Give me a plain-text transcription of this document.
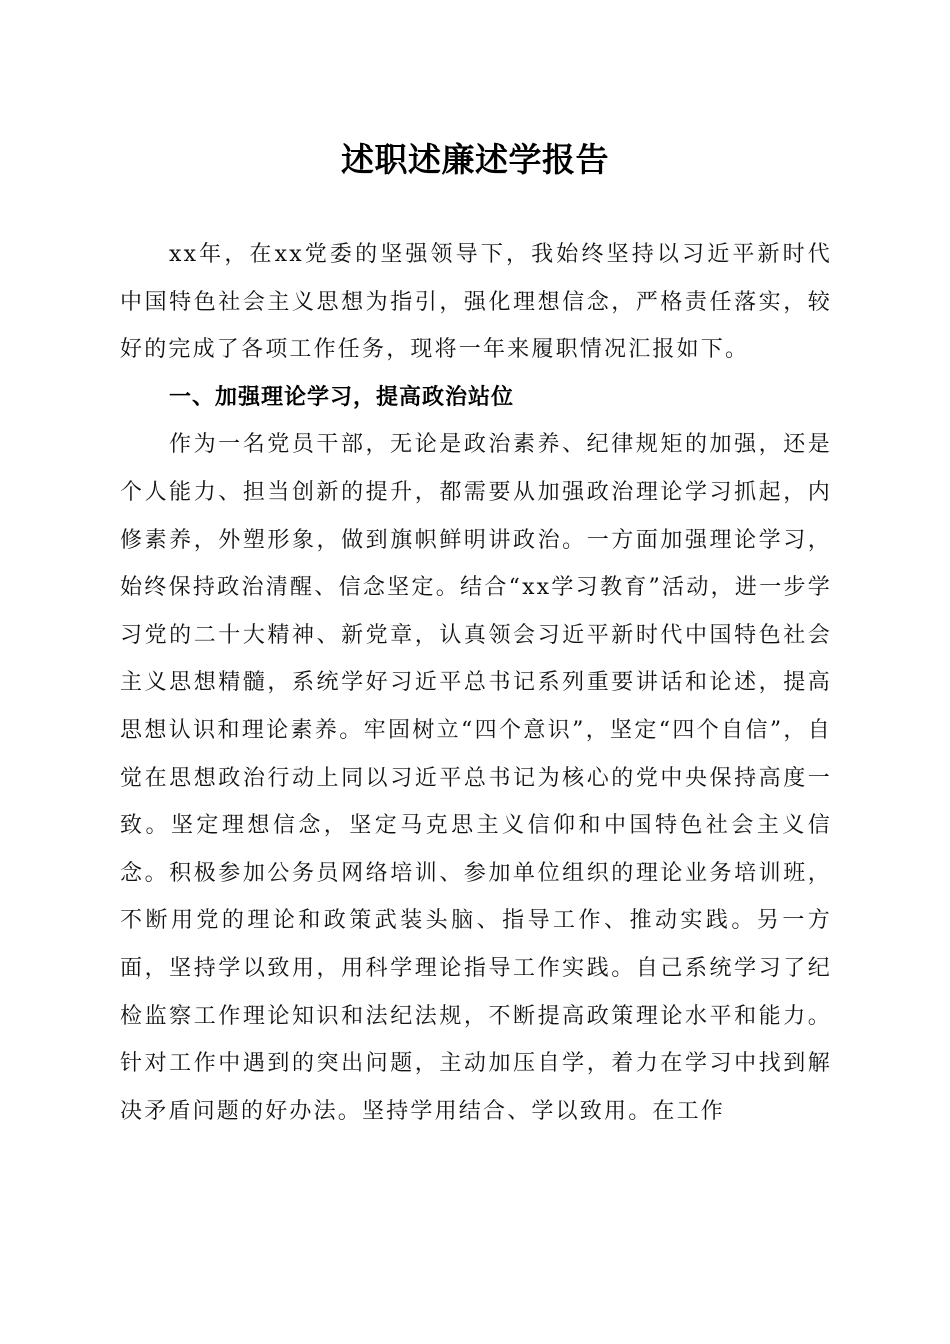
述职述廉述学报告

xx年，在xx党委的坚强领导下，我始终坚持以习近平新时代中国特色社会主义思想为指引，强化理想信念，严格责任落实，较好的完成了各项工作任务，现将一年来履职情况汇报如下。

一、加强理论学习，提高政治站位

作为一名党员干部，无论是政治素养、纪律规矩的加强，还是个人能力、担当创新的提升，都需要从加强政治理论学习抓起，内修素养，外塑形象，做到旗帜鲜明讲政治。一方面加强理论学习，始终保持政治清醒、信念坚定。结合“xx学习教育”活动，进一步学习党的二十大精神、新党章，认真领会习近平新时代中国特色社会主义思想精髓，系统学好习近平总书记系列重要讲话和论述，提高思想认识和理论素养。牢固树立“四个意识”，坚定“四个自信”，自觉在思想政治行动上同以习近平总书记为核心的党中央保持高度一致。坚定理想信念，坚定马克思主义信仰和中国特色社会主义信念。积极参加公务员网络培训、参加单位组织的理论业务培训班，不断用党的理论和政策武装头脑、指导工作、推动实践。另一方面，坚持学以致用，用科学理论指导工作实践。自己系统学习了纪检监察工作理论知识和法纪法规，不断提高政策理论水平和能力。针对工作中遇到的突出问题，主动加压自学，着力在学习中找到解决矛盾问题的好办法。坚持学用结合、学以致用。在工作
